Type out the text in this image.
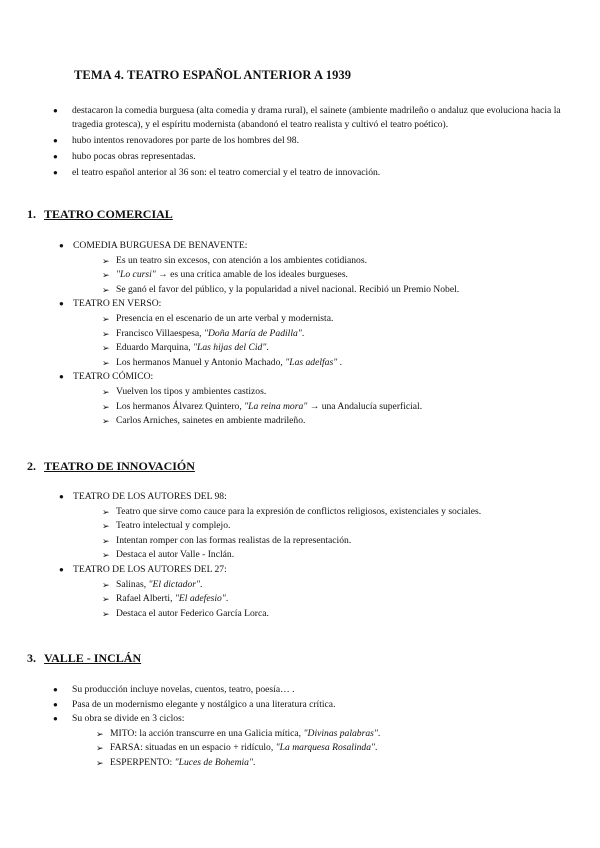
TEMA 4. TEATRO ESPAÑOL ANTERIOR A 1939
● destacaron la comedia burguesa (alta comedia y drama rural), el sainete (ambiente madrileño o andaluz que evoluciona hacia la tragedia grotesca), y el espíritu modernista (abandonó el teatro realista y cultivó el teatro poético).
● hubo intentos renovadores por parte de los hombres del 98.
● hubo pocas obras representadas.
● el teatro español anterior al 36 son: el teatro comercial y el teatro de innovación.
1. TEATRO COMERCIAL
● COMEDIA BURGUESA DE BENAVENTE:
➢ Es un teatro sin excesos, con atención a los ambientes cotidianos.
➢ "Lo cursi" → es una crítica amable de los ideales burgueses.
➢ Se ganó el favor del público, y la popularidad a nivel nacional. Recibió un Premio Nobel.
● TEATRO EN VERSO:
➢ Presencia en el escenario de un arte verbal y modernista.
➢ Francisco Villaespesa, "Doña María de Padilla".
➢ Eduardo Marquina, "Las hijas del Cid".
➢ Los hermanos Manuel y Antonio Machado, "Las adelfas" .
● TEATRO CÓMICO:
➢ Vuelven los tipos y ambientes castizos.
➢ Los hermanos Álvarez Quintero, "La reina mora" → una Andalucía superficial.
➢ Carlos Arniches, sainetes en ambiente madrileño.
2. TEATRO DE INNOVACIÓN
● TEATRO DE LOS AUTORES DEL 98:
➢ Teatro que sirve como cauce para la expresión de conflictos religiosos, existenciales y sociales.
➢ Teatro intelectual y complejo.
➢ Intentan romper con las formas realistas de la representación.
➢ Destaca el autor Valle - Inclán.
● TEATRO DE LOS AUTORES DEL 27:
➢ Salinas, "El dictador".
➢ Rafael Alberti, "El adefesio".
➢ Destaca el autor Federico García Lorca.
3. VALLE - INCLÁN
● Su producción incluye novelas, cuentos, teatro, poesía… .
● Pasa de un modernismo elegante y nostálgico a una literatura crítica.
● Su obra se divide en 3 ciclos:
➢ MITO: la acción transcurre en una Galicia mítica, "Divinas palabras".
➢ FARSA: situadas en un espacio + ridículo, "La marquesa Rosalinda".
➢ ESPERPENTO: "Luces de Bohemia".
